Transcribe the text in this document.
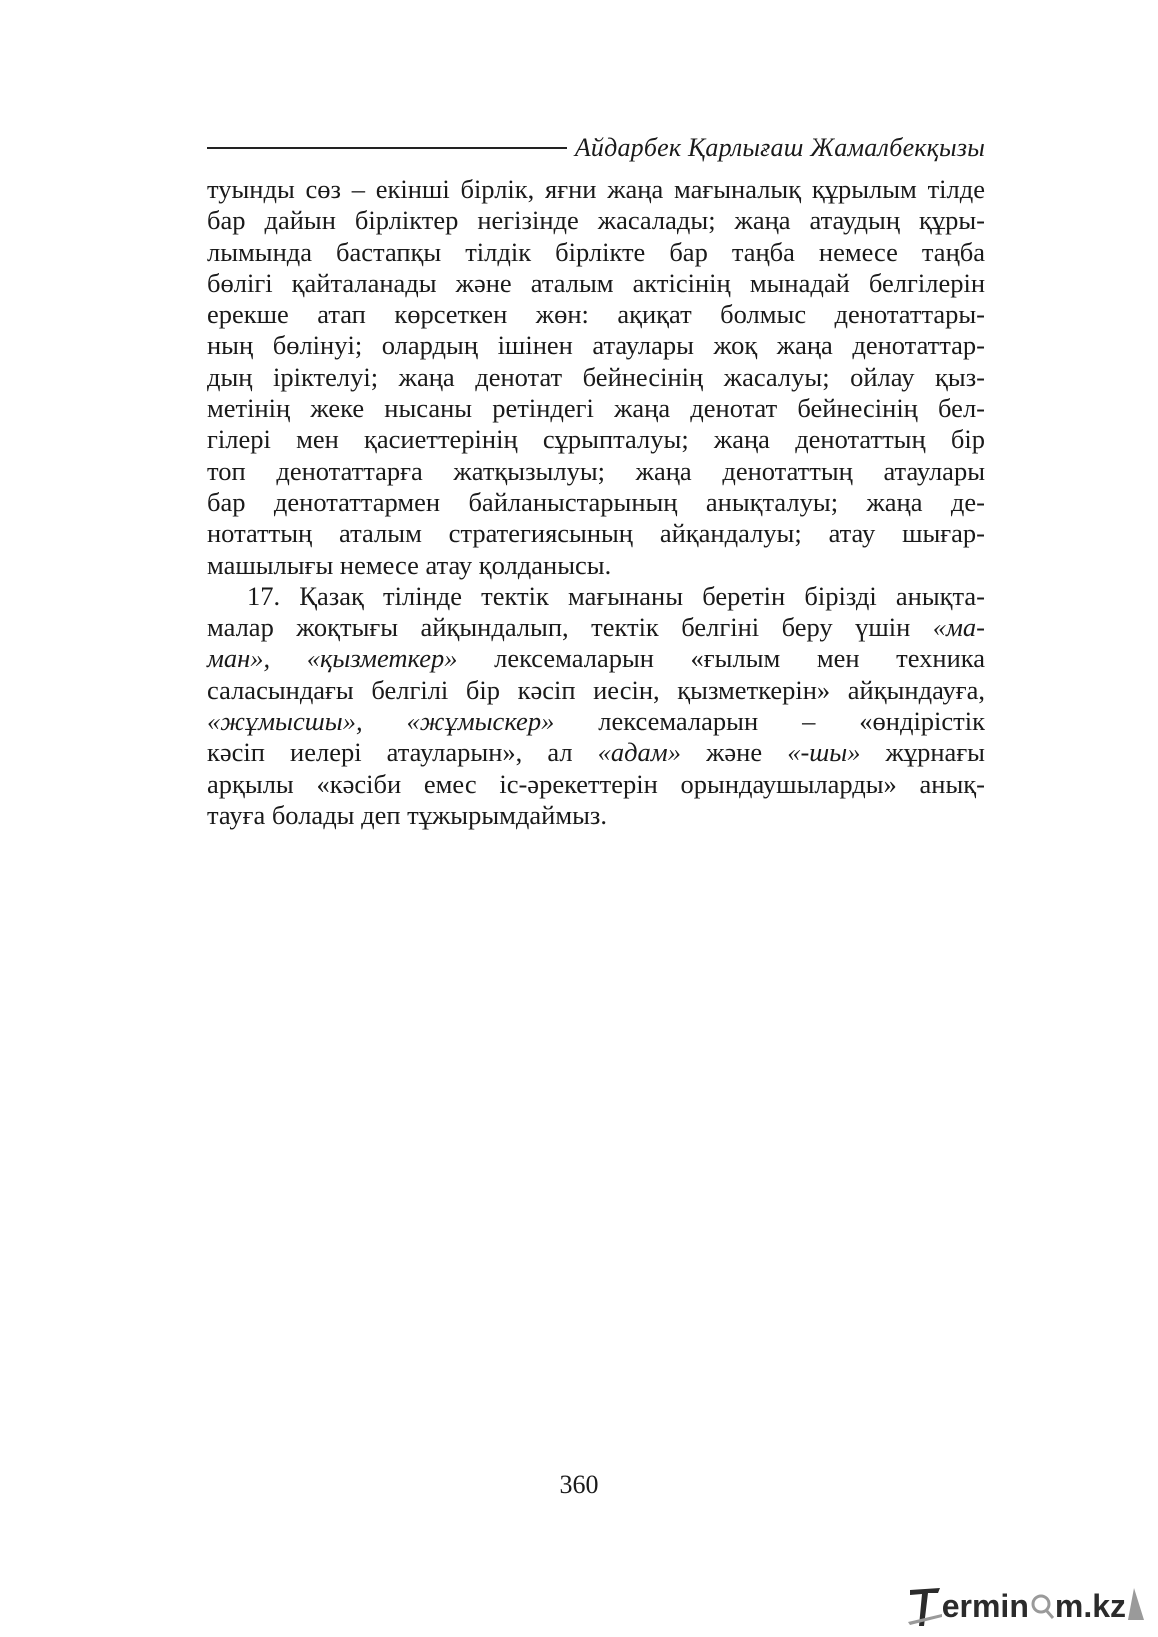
Айдарбек Қарлығаш Жамалбекқызы

туынды сөз – екінші бірлік, яғни жаңа мағыналық құрылым тілде
бар дайын бірліктер негізінде жасалады; жаңа атаудың құры-
лымында бастапқы тілдік бірлікте бар таңба немесе таңба
бөлігі қайталанады және аталым актісінің мынадай белгілерін
ерекше атап көрсеткен жөн: ақиқат болмыс денотаттары-
ның бөлінуі; олардың ішінен атаулары жоқ жаңа денотаттар-
дың іріктелуі; жаңа денотат бейнесінің жасалуы; ойлау қыз-
метінің жеке нысаны ретіндегі жаңа денотат бейнесінің бел-
гілері мен қасиеттерінің сұрыпталуы; жаңа денотаттың бір
топ денотаттарға жатқызылуы; жаңа денотаттың атаулары
бар денотаттармен байланыстарының анықталуы; жаңа де-
нотаттың аталым стратегиясының айқандалуы; атау шығар-
машылығы немесе атау қолданысы.

17. Қазақ тілінде тектік мағынаны беретін бірізді анықта-
малар жоқтығы айқындалып, тектік белгіні беру үшін «ма-
ман», «қызметкер» лексемаларын «ғылым мен техника
саласындағы белгілі бір кәсіп иесін, қызметкерін» айқындауға,
«жұмысшы», «жұмыскер» лексемаларын – «өндірістік
кәсіп иелері атауларын», ал «адам» және «-шы» жұрнағы
арқылы «кәсіби емес іс-әрекеттерін орындаушыларды» анық-
тауға болады деп тұжырымдаймыз.

360
ermin m.kz
